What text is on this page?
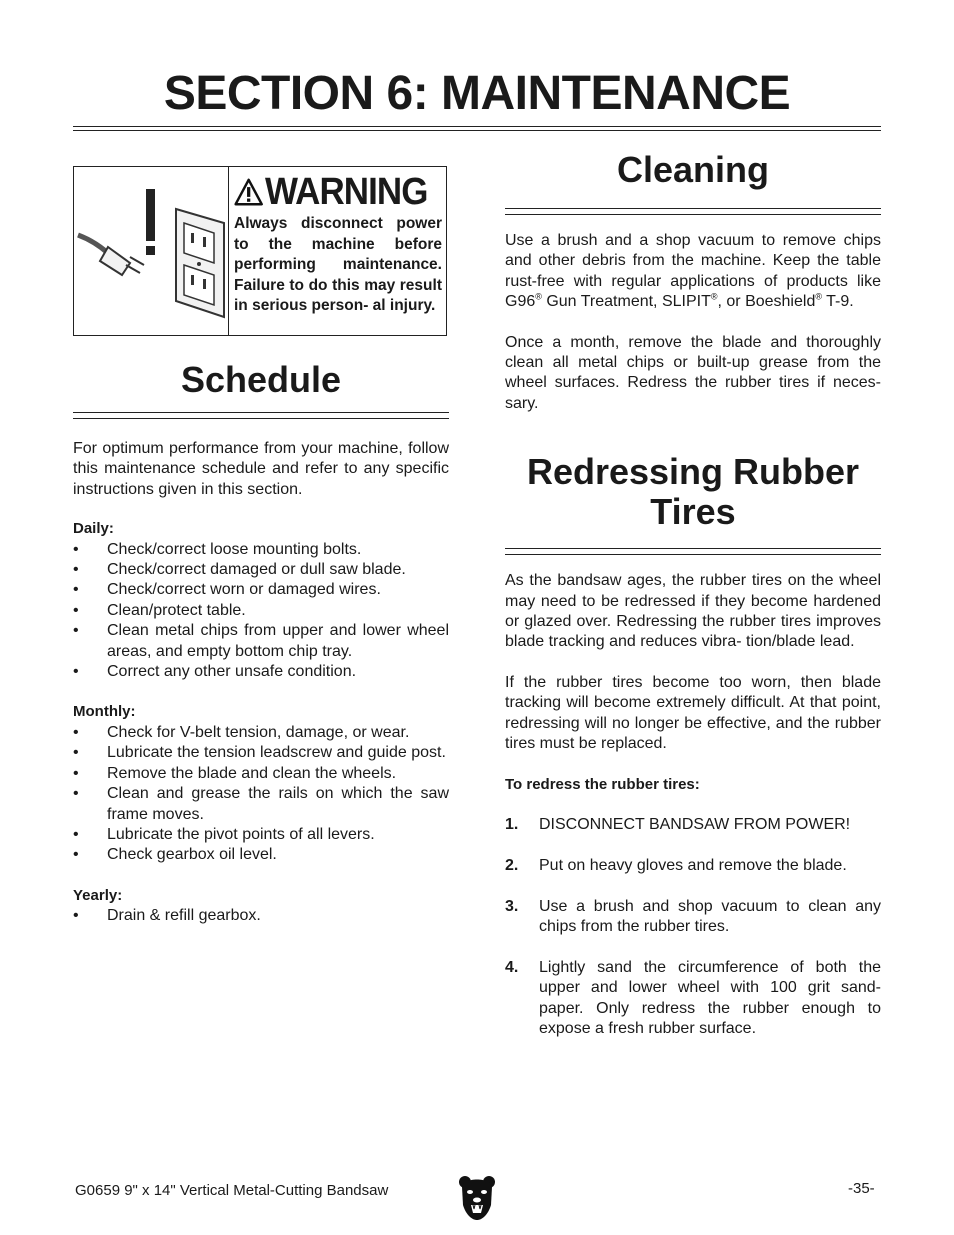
SECTION 6: MAINTENANCE
WARNING
Always disconnect power to the machine before performing maintenance. Failure to do this may result in serious person- al injury.
Schedule

For optimum performance from your machine, follow this maintenance schedule and refer to any specific instructions given in this section.

Daily:

• Check/correct loose mounting bolts.
• Check/correct damaged or dull saw blade.
• Check/correct worn or damaged wires.
• Clean/protect table.
• Clean metal chips from upper and lower wheel areas, and empty bottom chip tray.
• Correct any other unsafe condition.

Monthly:

• Check for V-belt tension, damage, or wear.
• Lubricate the tension leadscrew and guide post.
• Remove the blade and clean the wheels.
• Clean and grease the rails on which the saw frame moves.
• Lubricate the pivot points of all levers.
• Check gearbox oil level.

Yearly:

• Drain & refill gearbox.
Cleaning

Use a brush and a shop vacuum to remove chips and other debris from the machine. Keep the table rust-free with regular applications of products like G96® Gun Treatment, SLIPIT®, or Boeshield® T-9.

Once a month, remove the blade and thoroughly clean all metal chips or built-up grease from the wheel surfaces. Redress the rubber tires if neces- sary.

Redressing Rubber
Tires

As the bandsaw ages, the rubber tires on the wheel may need to be redressed if they become hardened or glazed over. Redressing the rubber tires improves blade tracking and reduces vibra- tion/blade lead.

If the rubber tires become too worn, then blade tracking will become extremely difficult. At that point, redressing will no longer be effective, and the rubber tires must be replaced.

To redress the rubber tires:

1. DISCONNECT BANDSAW FROM POWER!
2. Put on heavy gloves and remove the blade.
3. Use a brush and shop vacuum to clean any chips from the rubber tires.
4. Lightly sand the circumference of both the upper and lower wheel with 100 grit sand- paper. Only redress the rubber enough to expose a fresh rubber surface.
G0659 9" x 14" Vertical Metal-Cutting Bandsaw	-35-
